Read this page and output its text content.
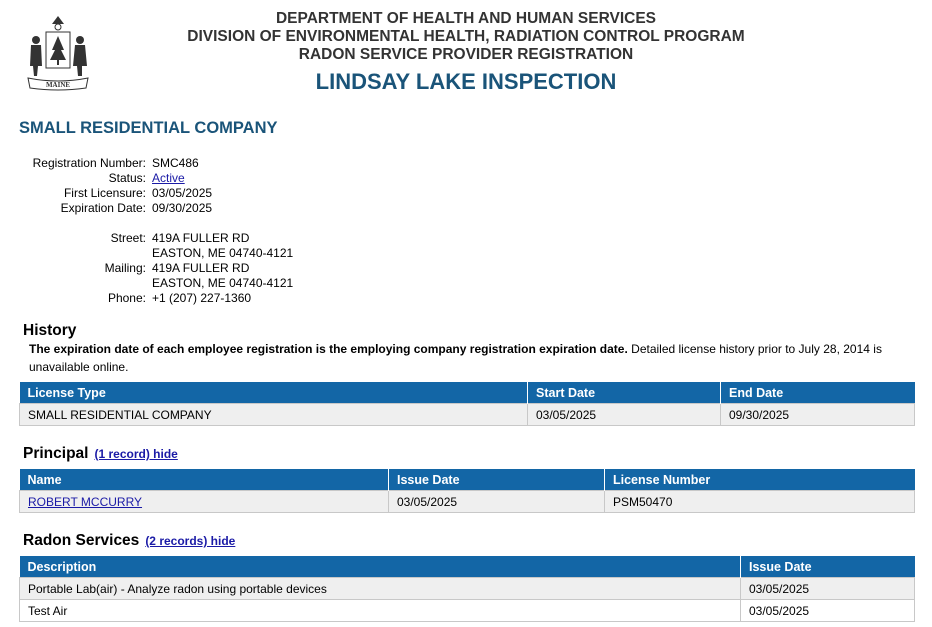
MAINE
DEPARTMENT OF HEALTH AND HUMAN SERVICES
DIVISION OF ENVIRONMENTAL HEALTH, RADIATION CONTROL PROGRAM
RADON SERVICE PROVIDER REGISTRATION
LINDSAY LAKE INSPECTION
SMALL RESIDENTIAL COMPANY
Registration Number: SMC486
Status: Active
First Licensure: 03/05/2025
Expiration Date: 09/30/2025
Street: 419A FULLER RD
EASTON, ME 04740-4121
Mailing: 419A FULLER RD
EASTON, ME 04740-4121
Phone: +1 (207) 227-1360
History
The expiration date of each employee registration is the employing company registration expiration date. Detailed license history prior to July 28, 2014 is unavailable online.
License Type	Start Date	End Date
SMALL RESIDENTIAL COMPANY	03/05/2025	09/30/2025
Principal (1 record) hide
Name	Issue Date	License Number
ROBERT MCCURRY	03/05/2025	PSM50470
Radon Services (2 records) hide
Description	Issue Date
Portable Lab(air) - Analyze radon using portable devices	03/05/2025
Test Air	03/05/2025
